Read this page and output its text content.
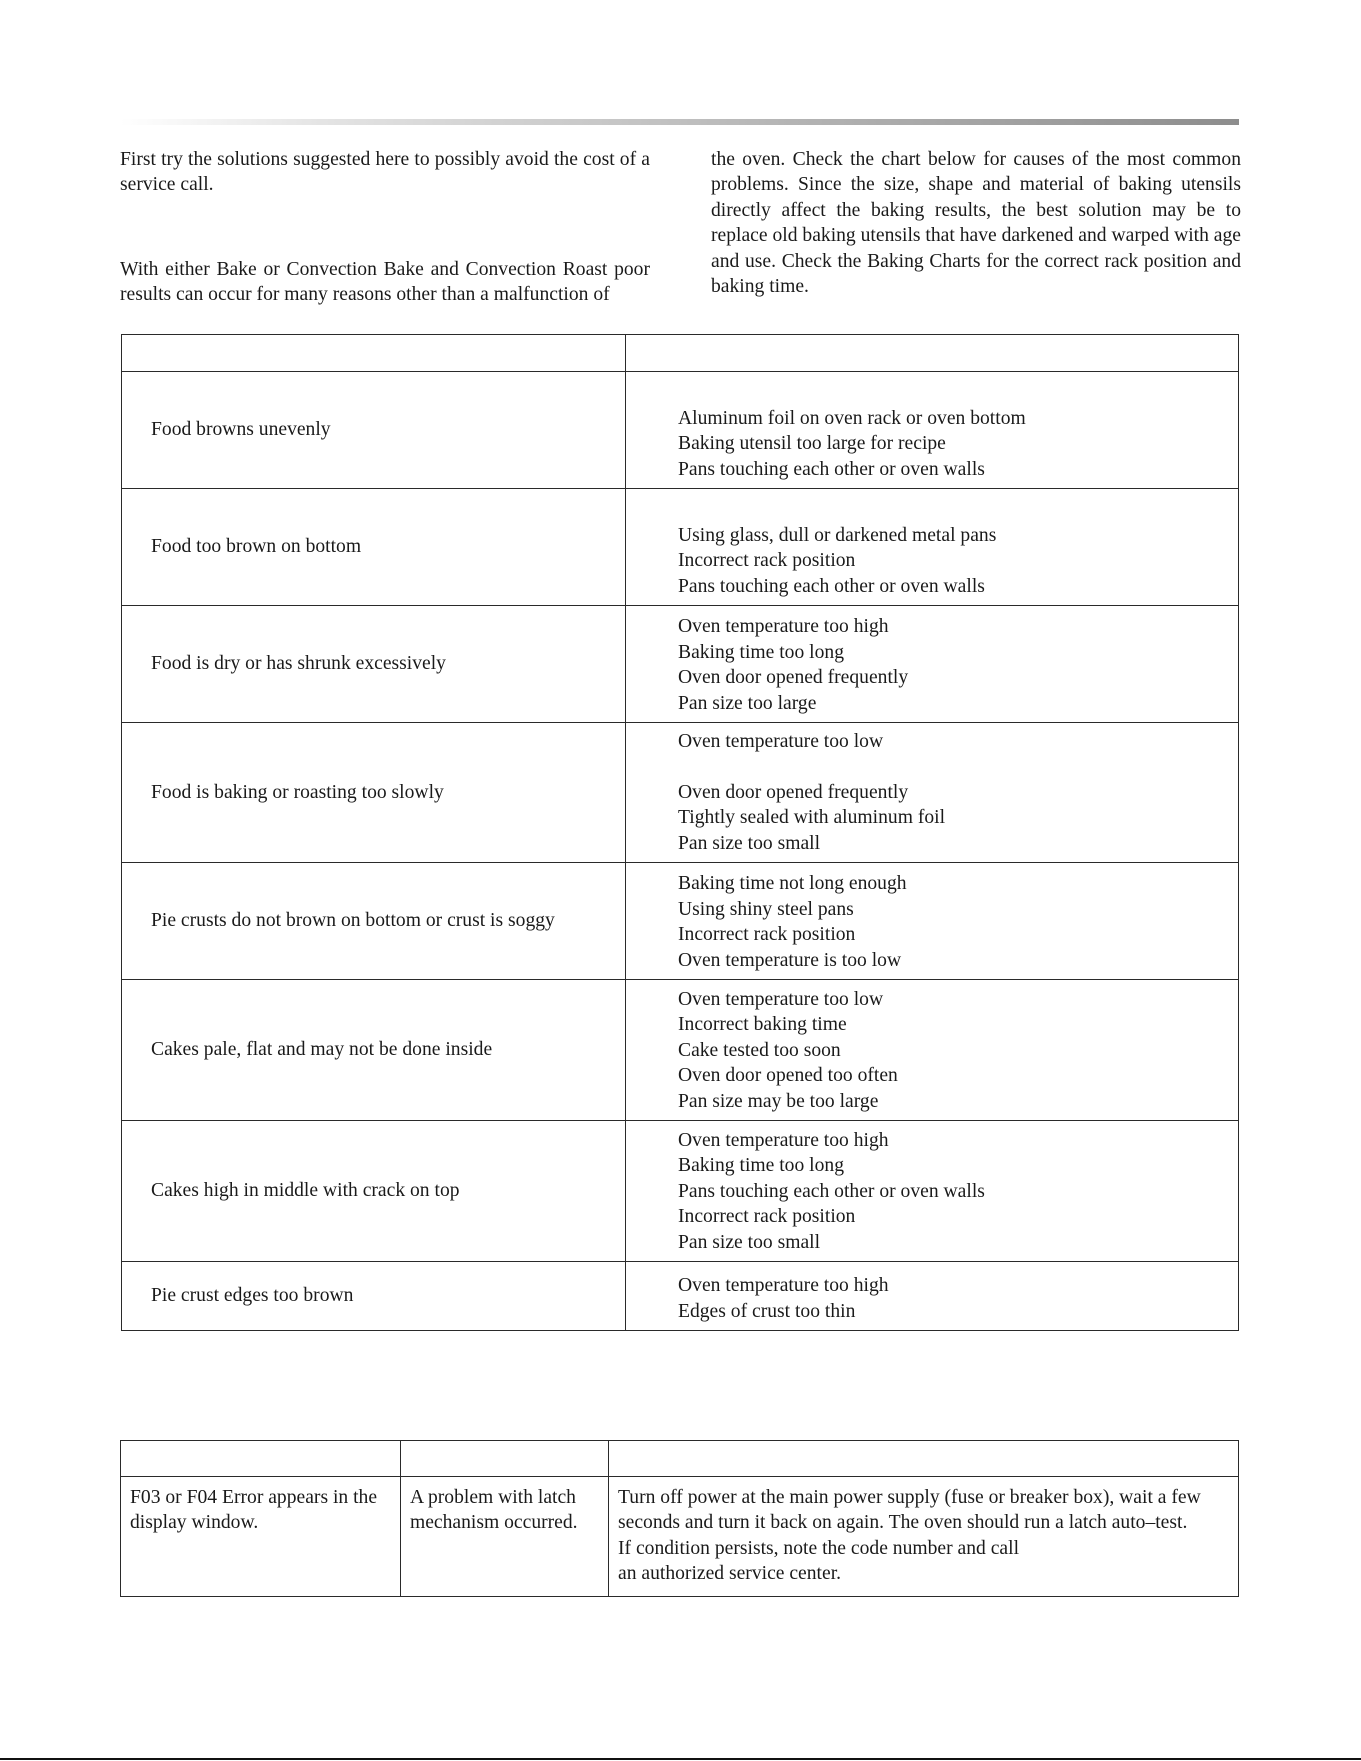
First try the solutions suggested here to possibly avoid the cost of a service call.

With either Bake or Convection Bake and Convection Roast poor results can occur for many reasons other than a malfunction of

the oven. Check the chart below for causes of the most common problems. Since the size, shape and material of baking utensils directly affect the baking results, the best solution may be to replace old baking utensils that have darkened and warped with age and use. Check the Baking Charts for the correct rack position and baking time.

Food browns unevenly	Aluminum foil on oven rack or oven bottom
Baking utensil too large for recipe
Pans touching each other or oven walls

Food too brown on bottom	Using glass, dull or darkened metal pans
Incorrect rack position
Pans touching each other or oven walls

Food is dry or has shrunk excessively	Oven temperature too high
Baking time too long
Oven door opened frequently
Pan size too large

Food is baking or roasting too slowly	Oven temperature too low
Oven door opened frequently
Tightly sealed with aluminum foil
Pan size too small

Pie crusts do not brown on bottom or crust is soggy	Baking time not long enough
Using shiny steel pans
Incorrect rack position
Oven temperature is too low

Cakes pale, flat and may not be done inside	Oven temperature too low
Incorrect baking time
Cake tested too soon
Oven door opened too often
Pan size may be too large

Cakes high in middle with crack on top	Oven temperature too high
Baking time too long
Pans touching each other or oven walls
Incorrect rack position
Pan size too small

Pie crust edges too brown	Oven temperature too high
Edges of crust too thin

F03 or F04 Error appears in the display window.	A problem with latch mechanism occurred.	Turn off power at the main power supply (fuse or breaker box), wait a few
seconds and turn it back on again. The oven should run a latch auto–test.
If condition persists, note the code number and call
an authorized service center.
